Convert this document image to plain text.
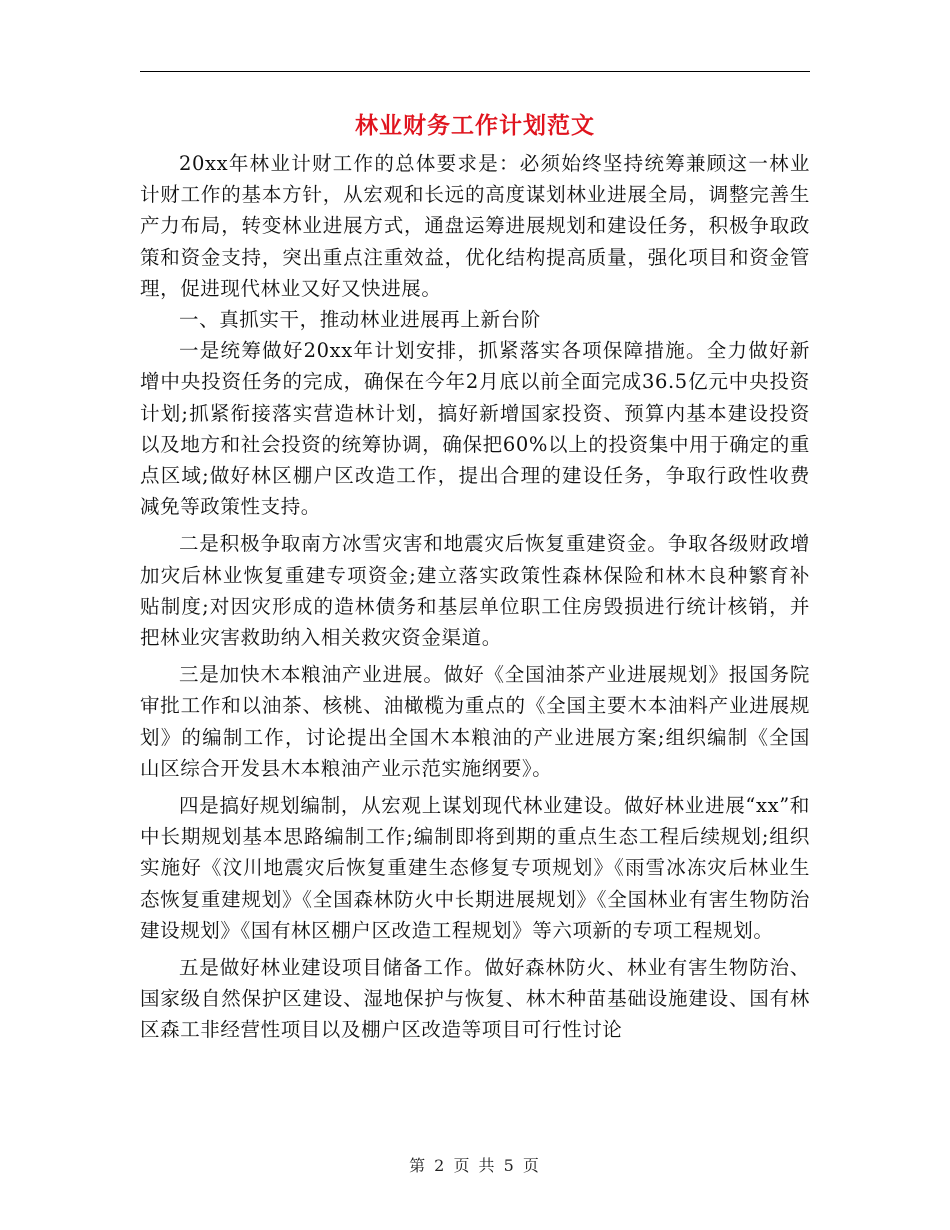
林业财务工作计划范文

20xx年林业计财工作的总体要求是：必须始终坚持统筹兼顾这一林业计财工作的基本方针，从宏观和长远的高度谋划林业进展全局，调整完善生产力布局，转变林业进展方式，通盘运筹进展规划和建设任务，积极争取政策和资金支持，突出重点注重效益，优化结构提高质量，强化项目和资金管理，促进现代林业又好又快进展。

一、真抓实干，推动林业进展再上新台阶

一是统筹做好20xx年计划安排，抓紧落实各项保障措施。全力做好新增中央投资任务的完成，确保在今年2月底以前全面完成36.5亿元中央投资计划;抓紧衔接落实营造林计划，搞好新增国家投资、预算内基本建设投资以及地方和社会投资的统筹协调，确保把60%以上的投资集中用于确定的重点区域;做好林区棚户区改造工作，提出合理的建设任务，争取行政性收费减免等政策性支持。

二是积极争取南方冰雪灾害和地震灾后恢复重建资金。争取各级财政增加灾后林业恢复重建专项资金;建立落实政策性森林保险和林木良种繁育补贴制度;对因灾形成的造林债务和基层单位职工住房毁损进行统计核销，并把林业灾害救助纳入相关救灾资金渠道。

三是加快木本粮油产业进展。做好《全国油茶产业进展规划》报国务院审批工作和以油茶、核桃、油橄榄为重点的《全国主要木本油料产业进展规划》的编制工作，讨论提出全国木本粮油的产业进展方案;组织编制《全国山区综合开发县木本粮油产业示范实施纲要》。

四是搞好规划编制，从宏观上谋划现代林业建设。做好林业进展“xx”和中长期规划基本思路编制工作;编制即将到期的重点生态工程后续规划;组织实施好《汶川地震灾后恢复重建生态修复专项规划》《雨雪冰冻灾后林业生态恢复重建规划》《全国森林防火中长期进展规划》《全国林业有害生物防治建设规划》《国有林区棚户区改造工程规划》等六项新的专项工程规划。

五是做好林业建设项目储备工作。做好森林防火、林业有害生物防治、国家级自然保护区建设、湿地保护与恢复、林木种苗基础设施建设、国有林区森工非经营性项目以及棚户区改造等项目可行性讨论

第 2 页 共 5 页
